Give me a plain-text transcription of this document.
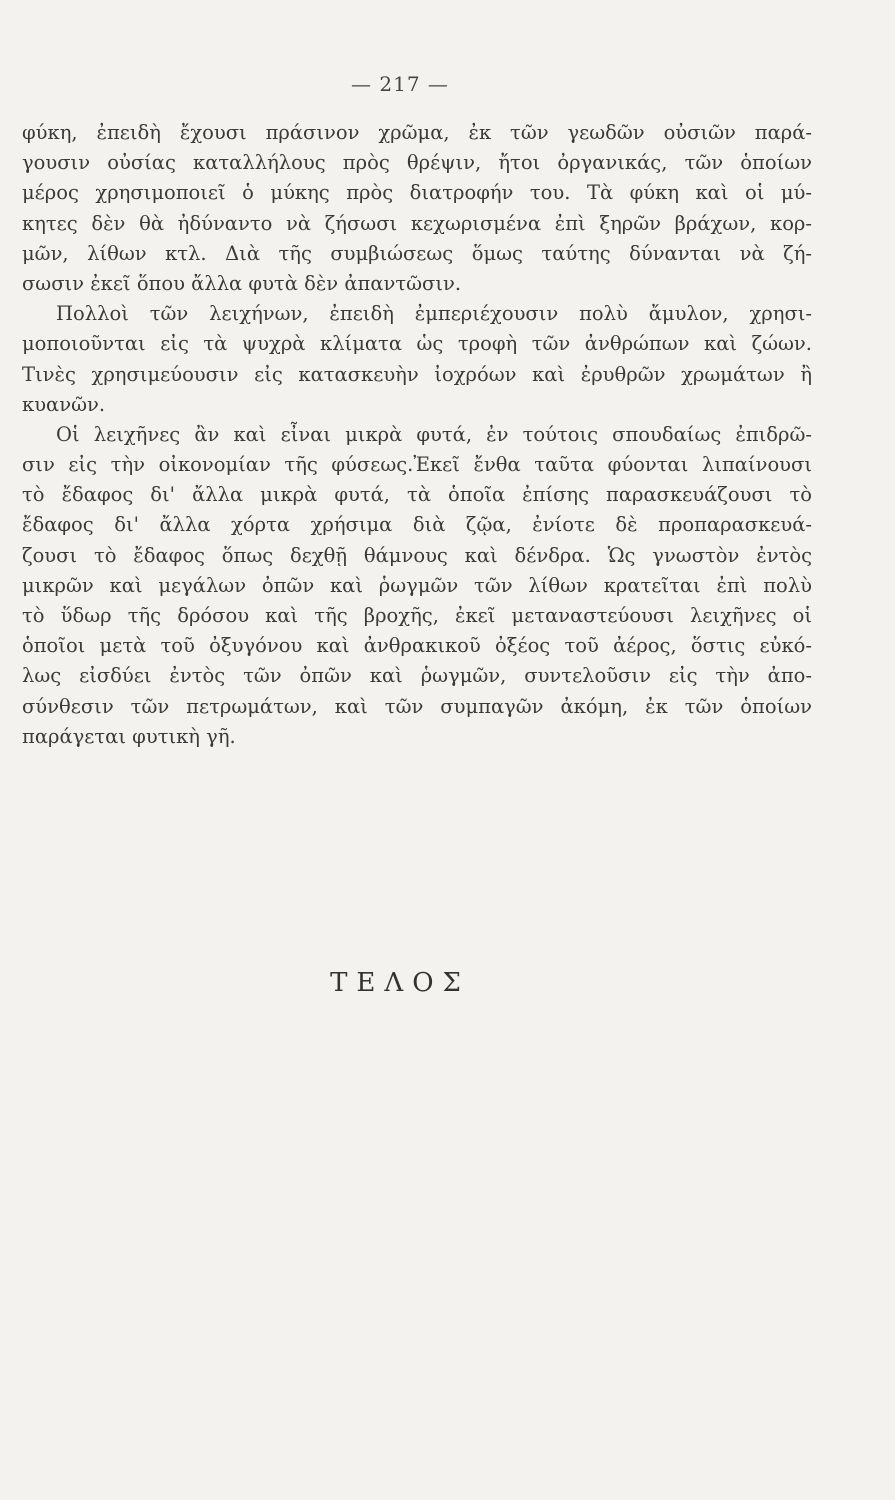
— 217 —
φύκη, ἐπειδὴ ἔχουσι πράσινον χρῶμα, ἐκ τῶν γεωδῶν οὐσιῶν παρά-
γουσιν οὐσίας καταλλήλους πρὸς θρέψιν, ἤτοι ὀργανικάς, τῶν ὁποίων
μέρος χρησιμοποιεῖ ὁ μύκης πρὸς διατροφήν του. Τὰ φύκη καὶ οἱ μύ-
κητες δὲν θὰ ἠδύναντο νὰ ζήσωσι κεχωρισμένα ἐπὶ ξηρῶν βράχων, κορ-
μῶν, λίθων κτλ. Διὰ τῆς συμβιώσεως ὅμως ταύτης δύνανται νὰ ζή-
σωσιν ἐκεῖ ὅπου ἄλλα φυτὰ δὲν ἀπαντῶσιν.
Πολλοὶ τῶν λειχήνων, ἐπειδὴ ἐμπεριέχουσιν πολὺ ἄμυλον, χρησι-
μοποιοῦνται εἰς τὰ ψυχρὰ κλίματα ὡς τροφὴ τῶν ἀνθρώπων καὶ ζώων.
Τινὲς χρησιμεύουσιν εἰς κατασκευὴν ἰοχρόων καὶ ἐρυθρῶν χρωμάτων ἢ
κυανῶν.
Οἱ λειχῆνες ἂν καὶ εἶναι μικρὰ φυτά, ἐν τούτοις σπουδαίως ἐπιδρῶ-
σιν εἰς τὴν οἰκονομίαν τῆς φύσεως.Ἐκεῖ ἔνθα ταῦτα φύονται λιπαίνουσι
τὸ ἔδαφος δι' ἄλλα μικρὰ φυτά, τὰ ὁποῖα ἐπίσης παρασκευάζουσι τὸ
ἔδαφος δι' ἄλλα χόρτα χρήσιμα διὰ ζῷα, ἐνίοτε δὲ προπαρασκευά-
ζουσι τὸ ἔδαφος ὅπως δεχθῇ θάμνους καὶ δένδρα. Ὡς γνωστὸν ἐντὸς
μικρῶν καὶ μεγάλων ὀπῶν καὶ ῥωγμῶν τῶν λίθων κρατεῖται ἐπὶ πολὺ
τὸ ὕδωρ τῆς δρόσου καὶ τῆς βροχῆς, ἐκεῖ μεταναστεύουσι λειχῆνες οἱ
ὁποῖοι μετὰ τοῦ ὀξυγόνου καὶ ἀνθρακικοῦ ὀξέος τοῦ ἀέρος, ὅστις εὐκό-
λως εἰσδύει ἐντὸς τῶν ὀπῶν καὶ ῥωγμῶν, συντελοῦσιν εἰς τὴν ἀπο-
σύνθεσιν τῶν πετρωμάτων, καὶ τῶν συμπαγῶν ἀκόμη, ἐκ τῶν ὁποίων
παράγεται φυτικὴ γῆ.
ΤΕΛΟΣ
